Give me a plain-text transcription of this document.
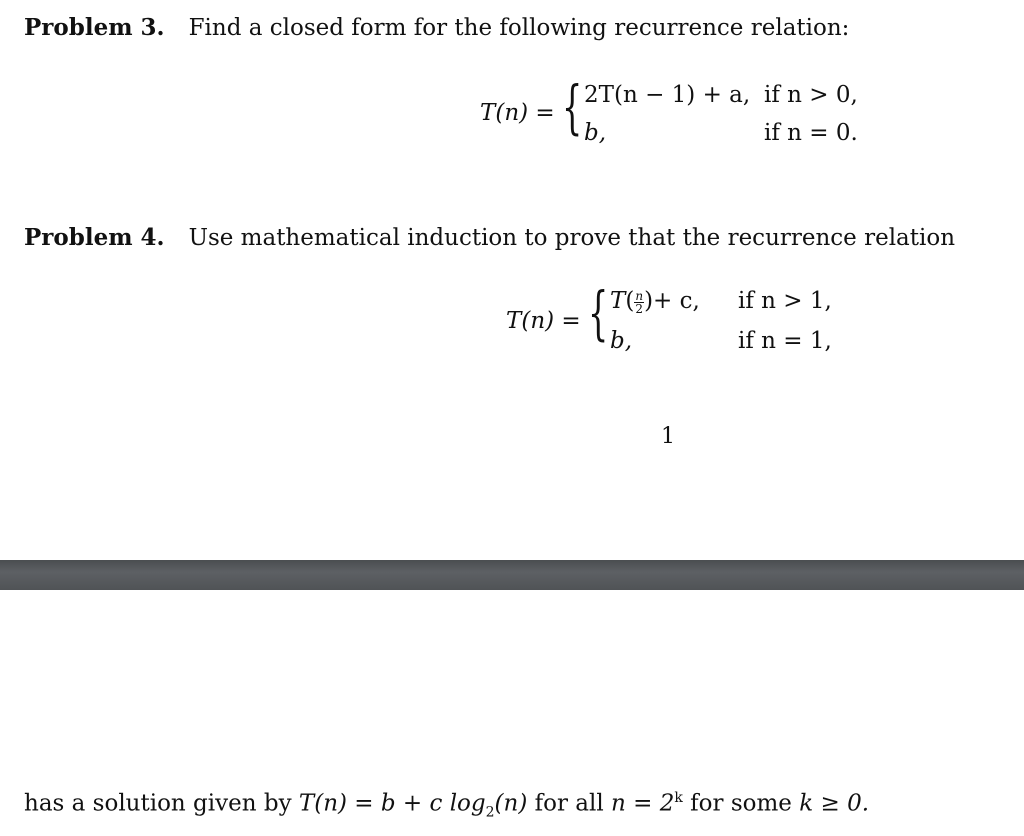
Problem 3. Find a closed form for the following recurrence relation:
T(n) = { 2T(n − 1) + a, if n > 0,
b,	if n = 0.
Problem 4. Use mathematical induction to prove that the recurrence relation
T(n) = { $T( \frac{n}{2}$ )+ c, if n > 1,
b,	if n = 1,
1
has a solution given by T(n) = b + c $\log_2(n)$ for all $n = 2^k$ for some k ≥ 0.
